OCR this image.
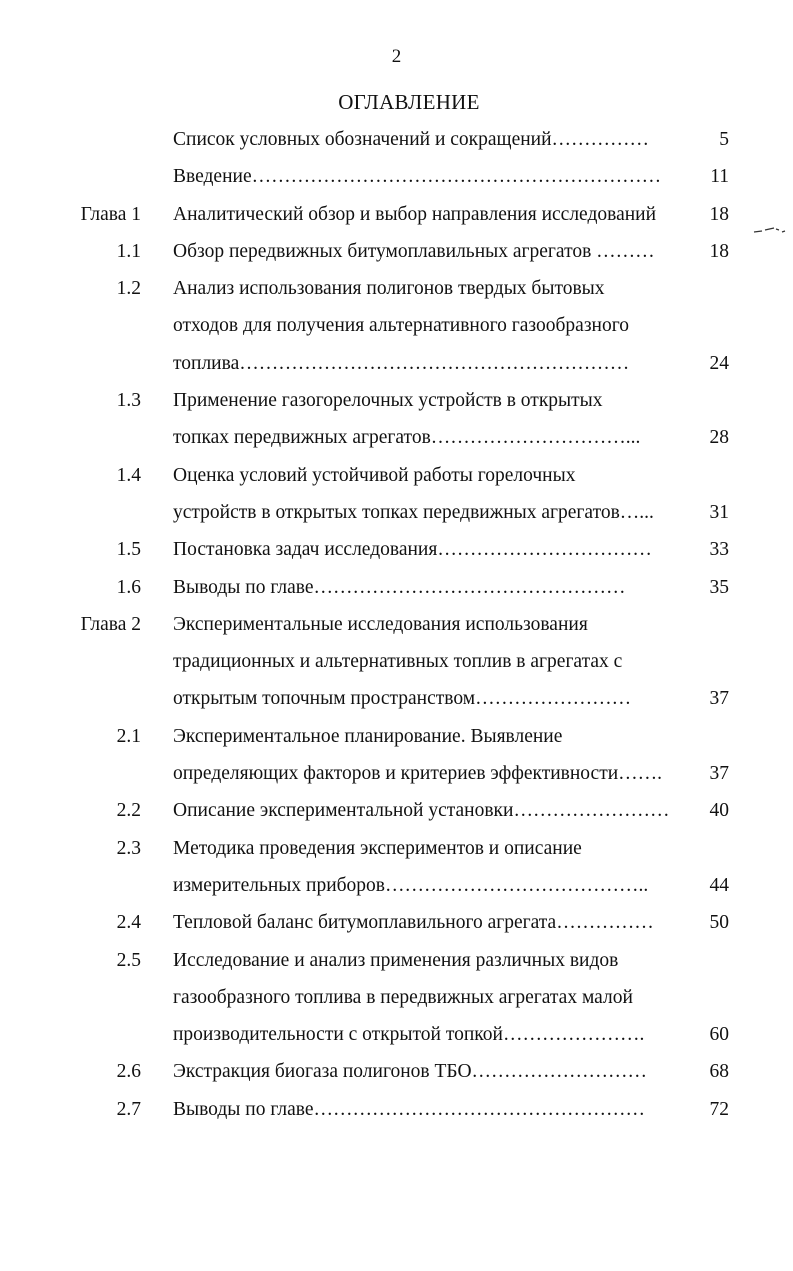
2
ОГЛАВЛЕНИЕ
Список условных обозначений и сокращений……………	5
Введение………………………………………………………	11
Глава 1 Аналитический обзор и выбор направления исследований	18
1.1 Обзор передвижных битумоплавильных агрегатов ………	18
1.2 Анализ использования полигонов твердых бытовых
отходов для получения альтернативного газообразного
топлива……………………………………………………	24
1.3 Применение газогорелочных устройств в открытых
топках передвижных агрегатов…………………………...	28
1.4 Оценка условий устойчивой работы горелочных
устройств в открытых топках передвижных агрегатов…...	31
1.5 Постановка задач исследования……………………………	33
1.6 Выводы по главе…………………………………………	35
Глава 2 Экспериментальные исследования использования
традиционных и альтернативных топлив в агрегатах с
открытым топочным пространством……………………	37
2.1 Экспериментальное планирование. Выявление
определяющих факторов и критериев эффективности……. 37
2.2 Описание экспериментальной установки…………………… 40
2.3 Методика проведения экспериментов и описание
измерительных приборов…………………………………..	44
2.4 Тепловой баланс битумоплавильного агрегата……………	50
2.5 Исследование и анализ применения различных видов
газообразного топлива в передвижных агрегатах малой
производительности с открытой топкой………………….	60
2.6 Экстракция биогаза полигонов ТБО………………………	68
2.7 Выводы по главе……………………………………………	72
